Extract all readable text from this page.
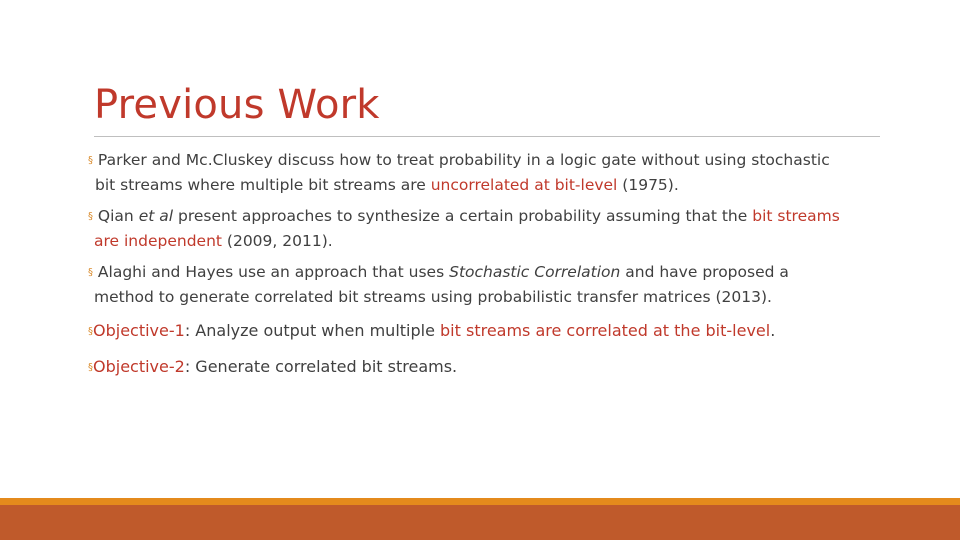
Previous Work
§ Parker and Mc.Cluskey discuss how to treat probability in a logic gate without using stochastic
bit streams where multiple bit streams are uncorrelated at bit-level (1975).
§ Qian et al present approaches to synthesize a certain probability assuming that the bit streams
are independent (2009, 2011).
§ Alaghi and Hayes use an approach that uses Stochastic Correlation and have proposed a
method to generate correlated bit streams using probabilistic transfer matrices (2013).
§Objective-1: Analyze output when multiple bit streams are correlated at the bit-level.
§Objective-2: Generate correlated bit streams.
